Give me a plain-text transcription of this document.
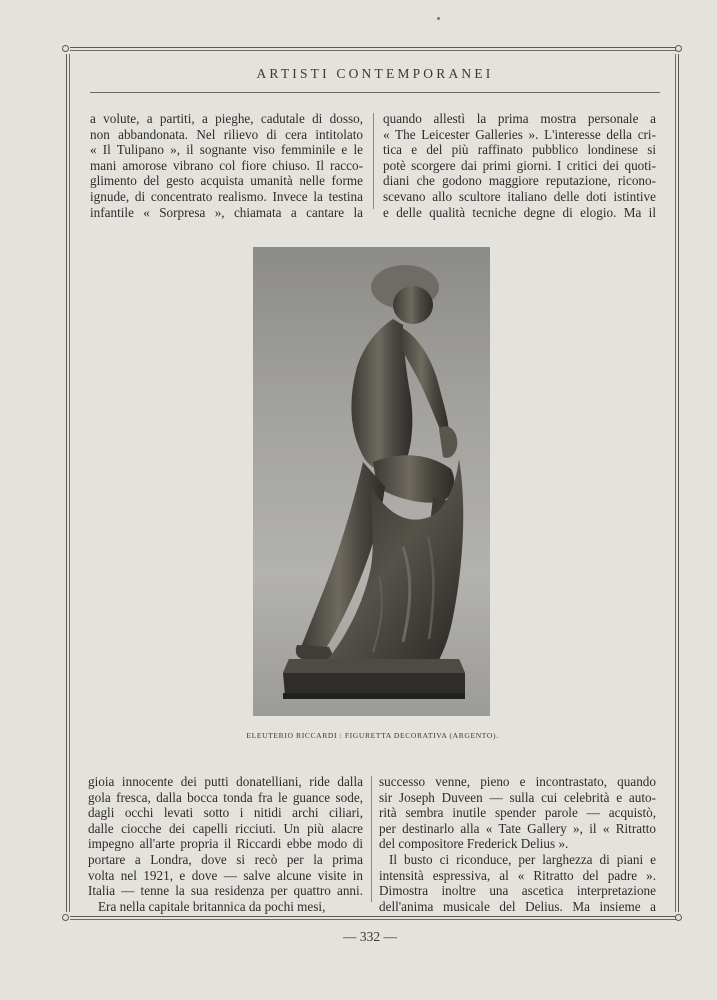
ARTISTI CONTEMPORANEI
a volute, a partiti, a pieghe, cadutale di dosso,
non abbandonata. Nel rilievo di cera intitolato
« Il Tulipano », il sognante viso femminile e le
mani amorose vibrano col fiore chiuso. Il racco-
glimento del gesto acquista umanità nelle forme
ignude, di concentrato realismo. Invece la testina
infantile « Sorpresa », chiamata a cantare la
quando allestì la prima mostra personale a
« The Leicester Galleries ». L'interesse della cri-
tica e del più raffinato pubblico londinese si
potè scorgere dai primi giorni. I critici dei quoti-
diani che godono maggiore reputazione, ricono-
scevano allo scultore italiano delle doti istintive
e delle qualità tecniche degne di elogio. Ma il
ELEUTERIO RICCARDI : FIGURETTA DECORATIVA (ARGENTO).
gioia innocente dei putti donatelliani, ride dalla
gola fresca, dalla bocca tonda fra le guance sode,
dagli occhi levati sotto i nitidi archi ciliari,
dalle ciocche dei capelli ricciuti. Un più alacre
impegno all'arte propria il Riccardi ebbe modo di
portare a Londra, dove si recò per la prima
volta nel 1921, e dove — salve alcune visite in
Italia — tenne la sua residenza per quattro anni.
Era nella capitale britannica da pochi mesi,
successo venne, pieno e incontrastato, quando
sir Joseph Duveen — sulla cui celebrità e auto-
rità sembra inutile spender parole — acquistò,
per destinarlo alla « Tate Gallery », il « Ritratto
del compositore Frederick Delius ».
Il busto ci riconduce, per larghezza di piani e
intensità espressiva, al « Ritratto del padre ».
Dimostra inoltre una ascetica interpretazione
dell'anima musicale del Delius. Ma insieme a
— 332 —
